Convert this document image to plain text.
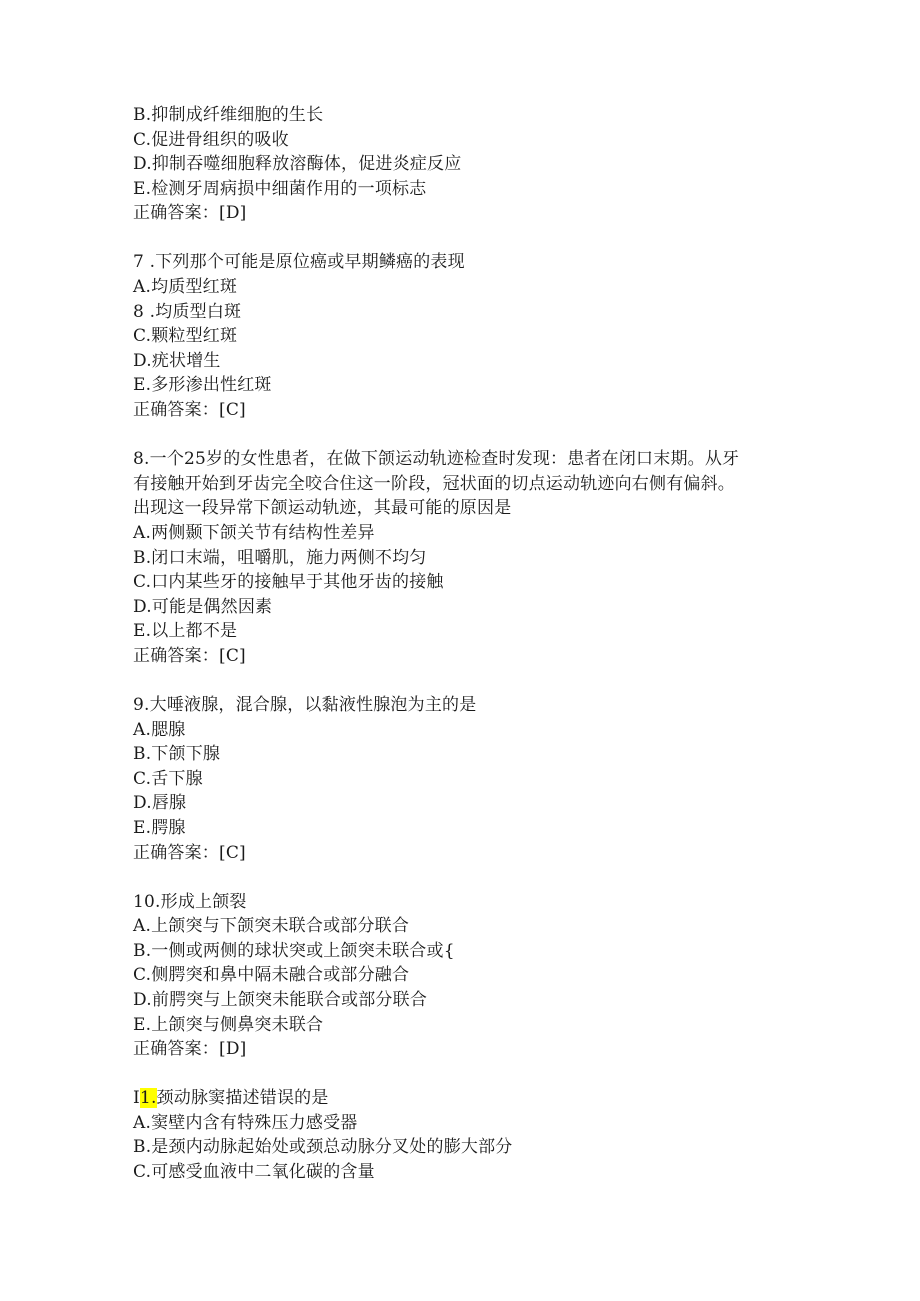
B.抑制成纤维细胞的生长
C.促进骨组织的吸收
D.抑制吞噬细胞释放溶酶体，促进炎症反应
E.检测牙周病损中细菌作用的一项标志
正确答案：[D]
7 .下列那个可能是原位癌或早期鳞癌的表现
A.均质型红斑
8 .均质型白斑
C.颗粒型红斑
D.疣状增生
E.多形渗出性红斑
正确答案：[C]
8.一个25岁的女性患者，在做下颌运动轨迹检查时发现：患者在闭口末期。从牙
有接触开始到牙齿完全咬合住这一阶段，冠状面的切点运动轨迹向右侧有偏斜。
出现这一段异常下颌运动轨迹，其最可能的原因是
A.两侧颞下颌关节有结构性差异
B.闭口末端，咀嚼肌，施力两侧不均匀
C.口内某些牙的接触早于其他牙齿的接触
D.可能是偶然因素
E.以上都不是
正确答案：[C]
9.大唾液腺，混合腺，以黏液性腺泡为主的是
A.腮腺
B.下颌下腺
C.舌下腺
D.唇腺
E.腭腺
正确答案：[C]
10.形成上颌裂
A.上颌突与下颌突未联合或部分联合
B.一侧或两侧的球状突或上颌突未联合或{
C.侧腭突和鼻中隔未融合或部分融合
D.前腭突与上颌突未能联合或部分联合
E.上颌突与侧鼻突未联合
正确答案：[D]
I1.颈动脉窦描述错误的是
A.窦壁内含有特殊压力感受器
B.是颈内动脉起始处或颈总动脉分叉处的膨大部分
C.可感受血液中二氧化碳的含量
